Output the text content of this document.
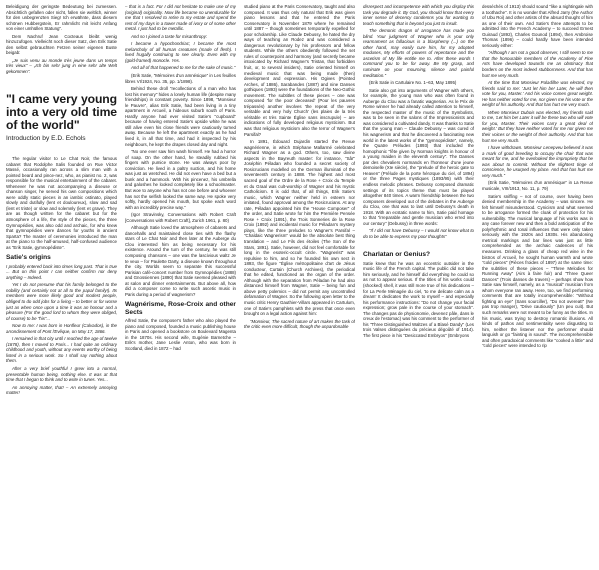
Beleidigung der geringste Bedeutung bei zumessen. Absichtlich gefallen oder nicht, fallen sie weltlich, winner für den unbegrenzten Sieg! Ich erwähnte, dass diesem schönen Hubbergstein, Er rahmlicht mit leicht Anfang von einer umhüllen Statung".

Dem Nachruf Jean Cocteaus bleibt wenig hinzuzufügen. Vielleicht noch dieser Satz, den Erik Satie den selbst gebrauchten Fetzen seiner eigenen Buste beigab:

„Je suis venu au monde très jeune dans un temps très vieux" – „Ich bin sehr jung in eine sehr alte Welt gekommen".

"I came very young into a very old time of the world"
Introduction by E.D. Echols

The regular visitor to Le Chat Noir, the famous cabaret that Rodolphe Salis founded on Rue Victor Massé, occasionally ran across a slim man with a pointed beard and pince-nez, who, as pianist no. 2, was responsible for the musical entertainment of the cabaret. Whenever he was not accompanying a diseuse or chanson singer, he served his own compositions which were oddly static pieces in an iambic ostinato, played slowly and dutifully (lent et douloureux), slow and sad (lent et triste) or slow and solemnly (lent et grave). They are as though written for the cabaret but for the atmosphere of a life, the style of the pieces, the three Gymnopédies, was also odd and archaic, for who knew that gymnopédies were dances for youths in ancient Sparta? The master of ceremonies introduced the man at the piano to the half-amused, half-confused audience as "Erik Satie, gymnopédiste".

Satie's origins

I probably entered back into times long past. That is true ... But on this point I can neither confirm nor deny anything – Indeed.

Yet I do not presume that his family belonged to the nobility (and certainly not at all to the papal family!). Its members were more likely good and modest people, obliged to do odd jobs for a living – to better or for worse just as when once upon a time it was an honour and a pleasure (For the good lord to whom they were obliged, of course) to be "his"...

Now to me: I was born in Honfleur (Calvados), in the arrondissement of Pont l'Evêque, on May 17, 1866.

I remained in that city until I reached the age of twelve (1878), then I moved to Paris... I had quite an ordinary childhood and youth, without any events worthy of being listed in a serious work. So I shall say nothing about them.

After a very brief youthful I grew into a normal, presentable human being, nothing else. It was at that time that I began to think and to write in tunes. Yes...

An annoying matter, that! – An extremely annoying matter!

– that is a fact. For I did not hesitate to make use of my (original) originality. Now life became so unendurable for me that I resolved to retire to my estate and spend the rest of my days in a tower made of ivory or of some other metal. I just had to be metallic.

And so I joined a taste for misanthropy:

I became a hypochondriac; I became the most melancholy of all human creatures (made of flesh). I lived frugally continuing to see clearly. Even with my (gold-framed) monocle. Yes.

And all of that happened to me for the sake of music."

(Erik Satie, "Mémoires d'un amnésique" in Les feuilles libres VI/1924, No. 35, pp. 1/1898).

Behind these droll "recollections of a man who has lost his memory" hides a lonely human life (despite many friendships) in constant poverty. Since 1898, "Monsieur le Pauvre", alias Erik Satie, had been living in a tiny apartment in Arcueil, a hideous suburb south of Paris. Hardly anyone had ever visited Satie's "cupboard" because of having entered Satie's upside white he was still alive even his close friends were cautiously turned away. Because he left the apartment exactly as he had lived it, in all that time, and had it inspected by his neighbours, he kept the drapes closed day and night.

"No one ever saw him wash himself. He had a horror of soap. On the other hand, he steadily rubbed his fingers with pumice stone. He was always poor by conviction. He lived in a paltry suction, and his home was just as wretched. He did not even have a bed but a bunk and a hammock. With his pincenez, his umbrella and galoshes he looked completely like a schoolmaster. But woe to anyone who has not one before and whoever has not the selfish looked the same way. He spoke very softly, hardly opened his mouth, but spoke each word with an incredibly precise way."

(Igor Stravinsky, Conversations with Robert Craft [Conversations with Robert Craft], Zurich 1961, p. 80)

Although Satie loved the atmosphere of cabarets and dancehalls and maintained close ties with the flashy stars of Le Chat Noir and then later at the Auberge du Clou interested him as being necessary for his existence. Around the turn of the century, he was still composing chansons – one was the lascivious waltz Je te veux – for Paulette Darty, a diseuse known throughout the city. Worlds seem to separate this successful Parisian café-concert number from Gymnopédies (1888) and Gnossiennes (1890) that Satie seemed pleased with at salon and dinner entertainments. But above all, how did a composer come to write such ascetic music in Paris during a period of wagnerism?

Wagnérisme, Rose-Croix and other Sects

Alfred Satie, the composer's father who also played the piano and composed, founded a music publishing house in Paris and opened a bookstore on Boulevard Magenta in the 1870s. His second wife, Eugénie Barnetche – Erik's mother, Jane Leslie Anton, who was born in Scotland, died in 1872 – had

studied piano at the Paris Conservatory, taught and also composed. It was thus only natural that Erik was given piano lessons and that he entered the Paris Conservatory in November 1879 where he remained until 1887 – though sometimes temporarily expelled for poor scholarship. Like Claude Debussy, he hated the dry ways of teaching an Rodez and was considered a dangerous revolutionary by his professors and fellow students. While the others obediently followed the set rules of counterpoint and harmony (and secretly became intoxicated by Richard Wagner's Tristan, that forbidden fruit, or, to several insiders), Satie oriented himself on medieval music that was being made (then) development and expression. His Ogives (Pointed Arches, of 1886), Sarabandes (1887) and nine Danses gothiques (1893) were the foundations of the Neo-Gothic movement. The subtitles of these pieces – one was composed 'for the poor deceased' (Pour les pauvres trépassés) another involves 'the repeat of the very veritable and very holy Church' (les plaies de la très véritable et très Sainte Église sans inscrupule) – are indications of fully developed religious mysticism. But was that religious mysticism also the terror of Wagner's Parsifal?

In 1891, Édouard Dujardin started the Revue wagnérienne, in which Stéphane Mallarmé celebrated Richard Wagner as a god. Others, too, saw divine aspects in the Bayreuth master: for instance, "Sâr" Joséphin Péladan who founded a secret society of Rosicrucians modelled on the German illuminati of the seventeenth century in 1888. The highest and most sacred goal of the Ordre de la Rose + Croix du Temple et du Graal was cult-worship of Wagner and his mystic Catholicism. It is odd that, of all things, Erik Satie's music, which Wagner neither held in esteem nor imitated, found approval among the Rosicrucians. At any rate, Péladan appointed him the "House Composer" of the order, and Satie wrote for him the Première Pensée Rose + Croix (1891), the Trois Sonneries de la Rose Croix (1892) and incidental music for Péladan's mystery plays, like the three preludes to Wagner's Parsifal – "Chaldaic Wagnerism" would be the absolute best thing translation – and Le Fils des étoiles (The Son of the Stars, 1891). Satie, however, did not feel comfortable for long in the esoteric-occult circle. "Wagnerist" was repulsive to him, and so he founded his own sect in 1893, the figure "Église métropolitaine d'art de Jésus conducteur, Curtain (Church Archives), the periodical that he edited, functioned as the organ of the order. Although with the separation from Péladan he had also distanced himself from Wagner, Satie – being fun and above petty polemics – did not permit any uncontrolled defamation of Wagner. So the following open letter to the music critic Henry Gauthier-Villars appeared in Cartulum, one of Satie's pamphlets with the press that once even brought on a legal action against him:

"Monsieur, The sacred nature of art makes the task of the critic even more difficult, though the unpardonable

disrespect and incompetence with which you display this task you degrade it. By God, you should know that every inner sense of decency condemns you for wanting to teach something that is beyond you just to insult.

The demonic dragon of arrogance has made you blind. Your judgment of Wagner who is your only rearmament as fallacious is a blasphemy (...) on the other hand, may easily cure him, for my adopted moduses, My efforts of powers of repentance and the ascetism of My life entitle me to. After these words I command you to be for away. Be My grasp, and ruminate on your mourning, silence and painful meditation."

(Erik Satie in Cartulaire No. 1–63, May 1895)

Satie also got into arguments of Wagner with others, for example, the young man who was often found in Auberge du Clou was a fanatic wagnerian. As le Prix de Rome winner he had already called attention to himself, the respected master of the music of the Symbolists, was to be seen in the salons of the Impressionists and was considered a cultivated dandy. It was thanks to Satie that the young man – Claude Debussy – was cured of his wagnerism and that he discovered a fascinating new world in the latest works of the "gymnopédiste", namely, the Quatre Préludes (1893) that included the homophonic "fête given by Norman knights in honour of a young maiden in the eleventh century". The Danses par des chevaliers normands en l'honneur d'une jeune demoiselle (XIe siècle), the "prelude of the heroic gate to Heaven" (Prélude de la porte héroïque du ciel, of 1894) or the three Pages mystiques (1893/95) with their endless melodic phrases. Debussy composed dramatic settings of its topics theme that must be played altogether 840 times. A warm friendship between the two composers developed out of the debates in the Auberge du Clou, one that was to last until Debussy's death in 1918. With an ecstatic name to him, Satie paid homage to that "irreparable and gentle musician who erred into our century" (Debussy) in three words:

"If I did not have Debussy – I would not know what to do to be able to express my poor thoughts"

Charlatan or Genius?

Satie knew that he was an eccentric outsider in the music life of the French capital. The public did not take him seriously, and he himself did everything he could so as not to appear serious. If the titles of his works could (shocked) shell, it was still more true of his dedications – for La Perle Ménagée du ciel, 'to me delicate calm as a dream' It dedicates the work to myself – and especially his performance instructions: "Do not change your facial expression; grow pale in the course of your stomach". The changes pas de physionomie, devenez pâle, dans le creux de l'estomac) was his comment to the performer of his "Three Distinguished Waltzes of a Blasé Dandy" (Les trois Valses distinguées du précieux dégoûté of 1914). The first piece in his "Desiccated Embryos" (Embryons

desséchés of 1913) should sound "like a nightingale with a toothache". It is no wonder that Alfred Jarry (the Author of Ubu Roi) and other artists of the absurd thought of him as one of their own. And Satie's three attempts to be admitted into the French Academy – to succeed Ernest Guiraud (1892), Charles Gounod (1894), then Ambroise Thomas (1896) – could hardly have been intended seriously either:

"Although I am not a good observer, I still seem to me that the honourable members of the Academy of Fine Arts have developed towards me an obstinacy that borders on the most indeed stubbornness. And that has hurt me very much.

At the time that Monsieur Paladilhe was elected, my friends said to me: 'Just let him be! Later, he will then vote for you, Master.' And his voice comes great weight. He has neither voted for me, nor given me his vote or the weight of his authority. And that has hurt me very much.

When Monsieur Dubois was elected, my friends said to me, 'Let him be! Later it will be these two who will vote for you, Master. Their voices carry a great deal of weight.' But they have neither voted for me nor given me their voices or the weight of their authority. And that has hurt me very much.

I have withdrawn. Monsieur Lenepveu believed it was a mark of good breeding to occupy the chair that was meant for me, and he overlooked the impropriety that he was about to commit. Without the slightest tinge of conscience, he usurped my place. And that has hurt me very much."

(Erik Satie, "Mémoires d'un amnésique" in La Revue musicale, VIII/1913, No. 11, p. 79)

Satie's sniffing – not of course, over having been denied membership in the Academy – was sincere. He felt himself misunderstood. Cynicism and what seemed to be arrogance formed the cloak of protection for his vulnerability. The musical language of his works was in any case forever new and then a bold anticipation of the polyrhythmic and tonal influences that were only taken seriously with the 1920s and 1930s. His abandoning metrical markings and bar lines was just as little comprehended as the archaic cadences of his measures. Drinking a glass of cheap red wine in the bistros of Arcueil, he sought human warmth and wrote "cold pieces" (Pièces froides of 1897) at the same time: the subtitles of these pieces – "Three Melodies for Running Away" (Airs à faire fuir) and "Three Queer Dances" (Trois danses de travers) – perhaps show how Satie saw himself, namely, as a "musical" musician from whom everyone ran away. Here, too, we find performing comments that are totally incomprehensible: "Without fighting an eye" (Sans sourciller), "Do not overeat!" (Ne pas trop manger), "Drive cautiously" (Un peu cuit). But such remarks were not meant to be funny as the titles. In his music, was trying to destroy romantic illusions. All kinds of pathos and sentimentality were disgusting to him, neither the listener nor the performer should languish or go "fainting in sound". The incomprehensible and often paradoxical comments like "cooked a little" and "cold pieces" were intended to rip
